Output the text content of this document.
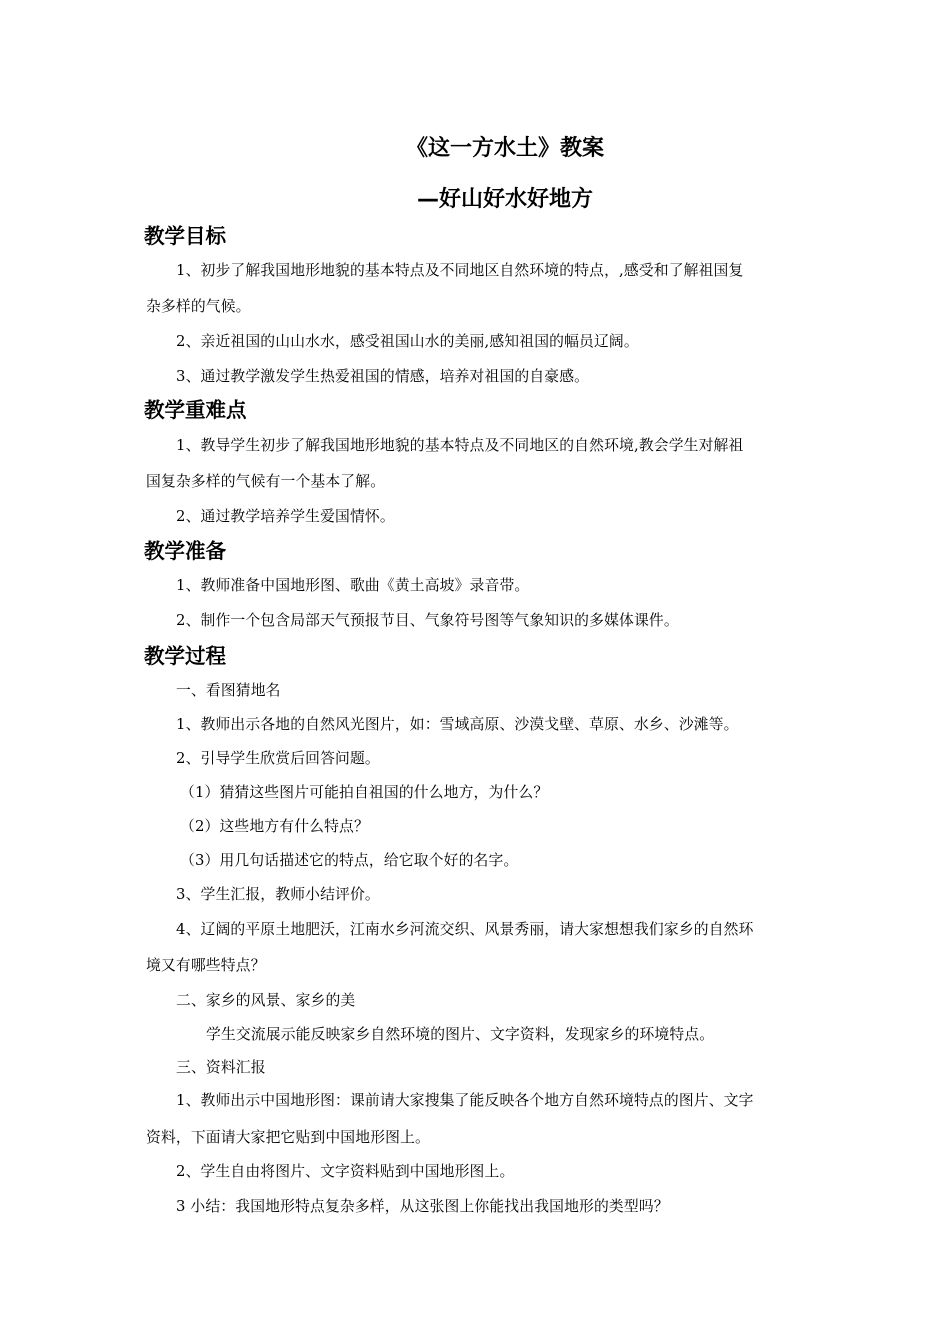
《这一方水土》教案
—好山好水好地方
教学目标
1、初步了解我国地形地貌的基本特点及不同地区自然环境的特点，,感受和了解祖国复
杂多样的气候。
2、亲近祖国的山山水水，感受祖国山水的美丽,感知祖国的幅员辽阔。
3、通过教学激发学生热爱祖国的情感，培养对祖国的自豪感。
教学重难点
1、教导学生初步了解我国地形地貌的基本特点及不同地区的自然环境,教会学生对解祖
国复杂多样的气候有一个基本了解。
2、通过教学培养学生爱国情怀。
教学准备
1、教师准备中国地形图、歌曲《黄土高坡》录音带。
2、制作一个包含局部天气预报节目、气象符号图等气象知识的多媒体课件。
教学过程
一、看图猜地名
1、教师出示各地的自然风光图片，如：雪域高原、沙漠戈壁、草原、水乡、沙滩等。
2、引导学生欣赏后回答问题。
（1）猜猜这些图片可能拍自祖国的什么地方，为什么？
（2）这些地方有什么特点？
（3）用几句话描述它的特点，给它取个好的名字。
3、学生汇报，教师小结评价。
4、辽阔的平原土地肥沃，江南水乡河流交织、风景秀丽，请大家想想我们家乡的自然环
境又有哪些特点？
二、家乡的风景、家乡的美
学生交流展示能反映家乡自然环境的图片、文字资料，发现家乡的环境特点。
三、资料汇报
1、教师出示中国地形图：课前请大家搜集了能反映各个地方自然环境特点的图片、文字
资料，下面请大家把它贴到中国地形图上。
2、学生自由将图片、文字资料贴到中国地形图上。
3 小结：我国地形特点复杂多样，从这张图上你能找出我国地形的类型吗？
